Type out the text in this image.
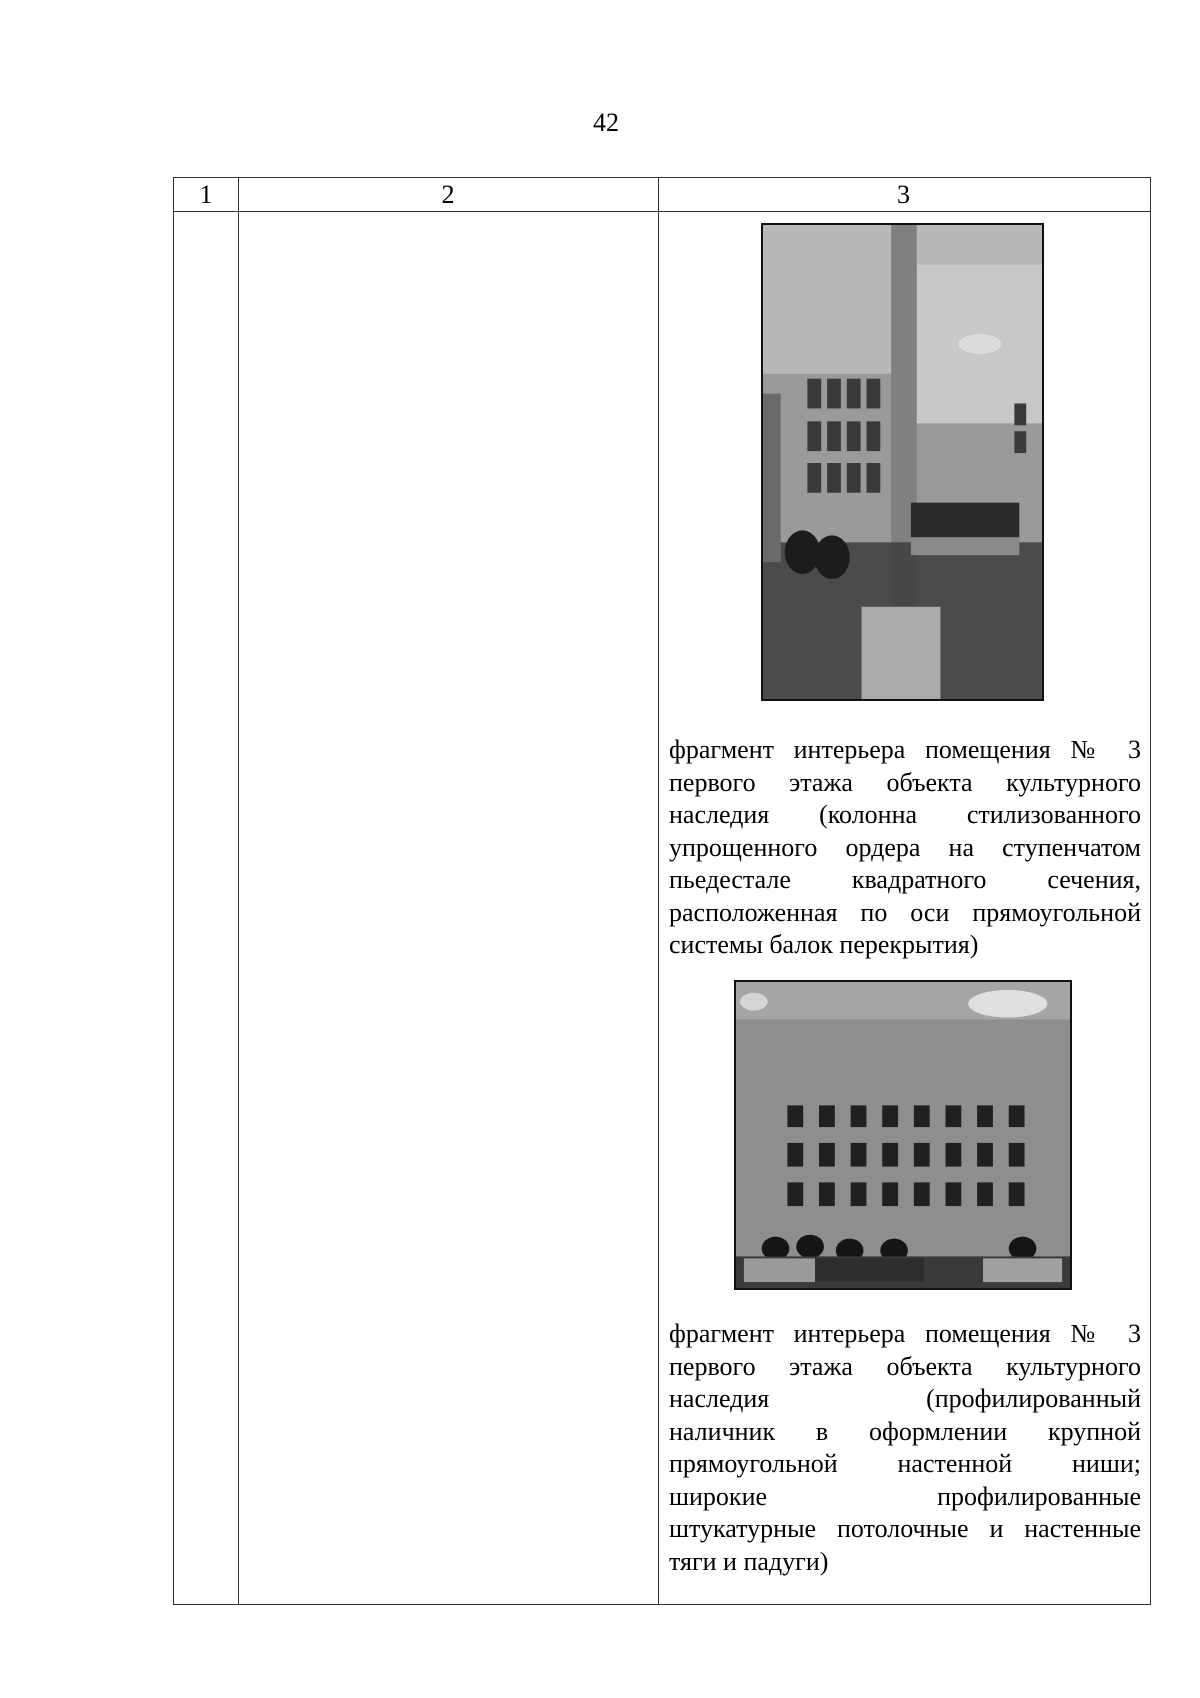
42
1	2	3
фрагмент интерьера помещения № 3
первого этажа объекта культурного
наследия (колонна стилизованного
упрощенного ордера на ступенчатом
пьедестале квадратного сечения,
расположенная по оси прямоугольной
системы балок перекрытия)
фрагмент интерьера помещения № 3
первого этажа объекта культурного
наследия (профилированный
наличник в оформлении крупной
прямоугольной настенной ниши;
широкие профилированные
штукатурные потолочные и настенные
тяги и падуги)
